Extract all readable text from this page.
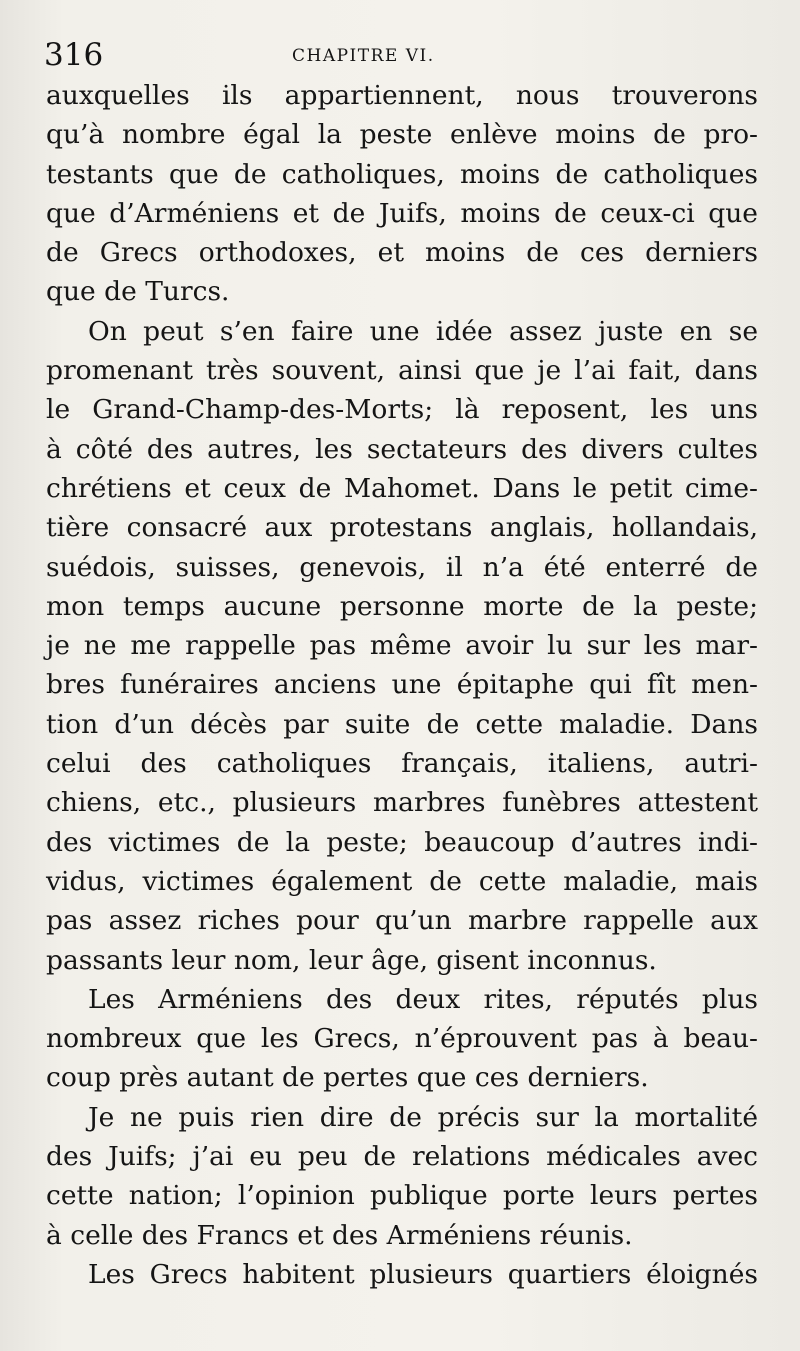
316	CHAPITRE VI.
auxquelles ils appartiennent, nous trouverons
qu’à nombre égal la peste enlève moins de pro-
testants que de catholiques, moins de catholiques
que d’Arméniens et de Juifs, moins de ceux-ci que
de Grecs orthodoxes, et moins de ces derniers
que de Turcs.
On peut s’en faire une idée assez juste en se
promenant très souvent, ainsi que je l’ai fait, dans
le Grand-Champ-des-Morts; là reposent, les uns
à côté des autres, les sectateurs des divers cultes
chrétiens et ceux de Mahomet. Dans le petit cime-
tière consacré aux protestans anglais, hollandais,
suédois, suisses, genevois, il n’a été enterré de
mon temps aucune personne morte de la peste;
je ne me rappelle pas même avoir lu sur les mar-
bres funéraires anciens une épitaphe qui fît men-
tion d’un décès par suite de cette maladie. Dans
celui des catholiques français, italiens, autri-
chiens, etc., plusieurs marbres funèbres attestent
des victimes de la peste; beaucoup d’autres indi-
vidus, victimes également de cette maladie, mais
pas assez riches pour qu’un marbre rappelle aux
passants leur nom, leur âge, gisent inconnus.
Les Arméniens des deux rites, réputés plus
nombreux que les Grecs, n’éprouvent pas à beau-
coup près autant de pertes que ces derniers.
Je ne puis rien dire de précis sur la mortalité
des Juifs; j’ai eu peu de relations médicales avec
cette nation; l’opinion publique porte leurs pertes
à celle des Francs et des Arméniens réunis.
Les Grecs habitent plusieurs quartiers éloignés
